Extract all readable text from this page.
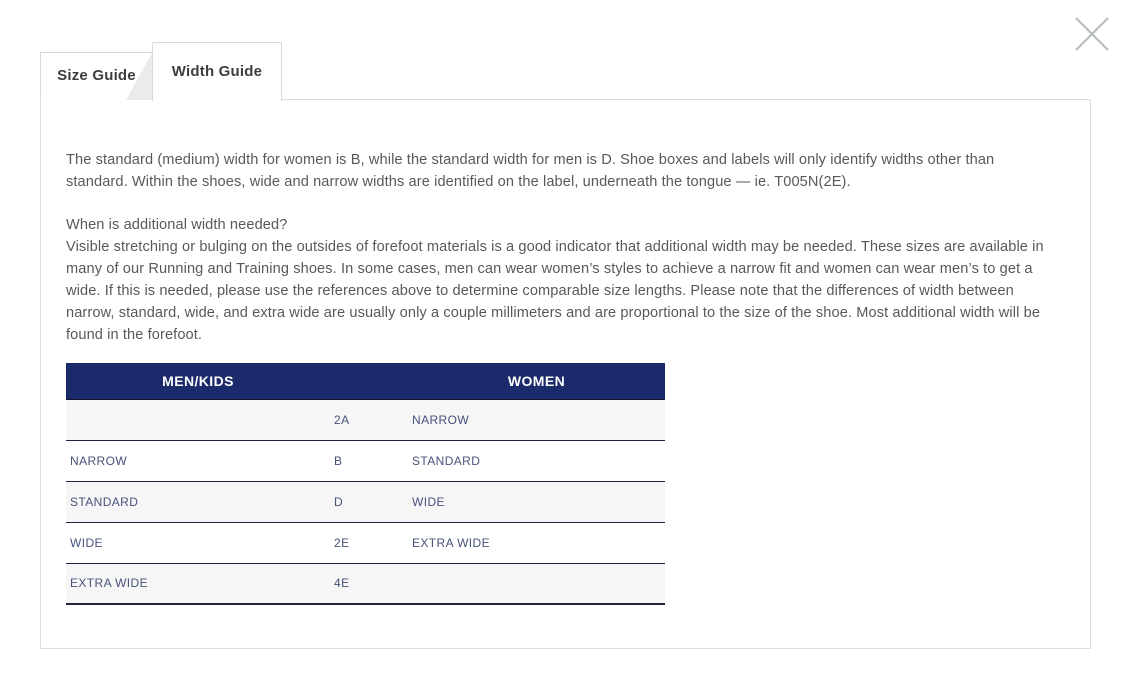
Size Guide	Width Guide

The standard (medium) width for women is B, while the standard width for men is D. Shoe boxes and labels will only identify widths other than standard. Within the shoes, wide and narrow widths are identified on the label, underneath the tongue — ie. T005N(2E).

When is additional width needed?
Visible stretching or bulging on the outsides of forefoot materials is a good indicator that additional width may be needed. These sizes are available in many of our Running and Training shoes. In some cases, men can wear women’s styles to achieve a narrow fit and women can wear men’s to get a wide. If this is needed, please use the references above to determine comparable size lengths. Please note that the differences of width between narrow, standard, wide, and extra wide are usually only a couple millimeters and are proportional to the size of the shoe. Most additional width will be found in the forefoot.
MEN/KIDS		WOMEN
	2A	NARROW
NARROW	B	STANDARD
STANDARD	D	WIDE
WIDE	2E	EXTRA WIDE
EXTRA WIDE	4E	
